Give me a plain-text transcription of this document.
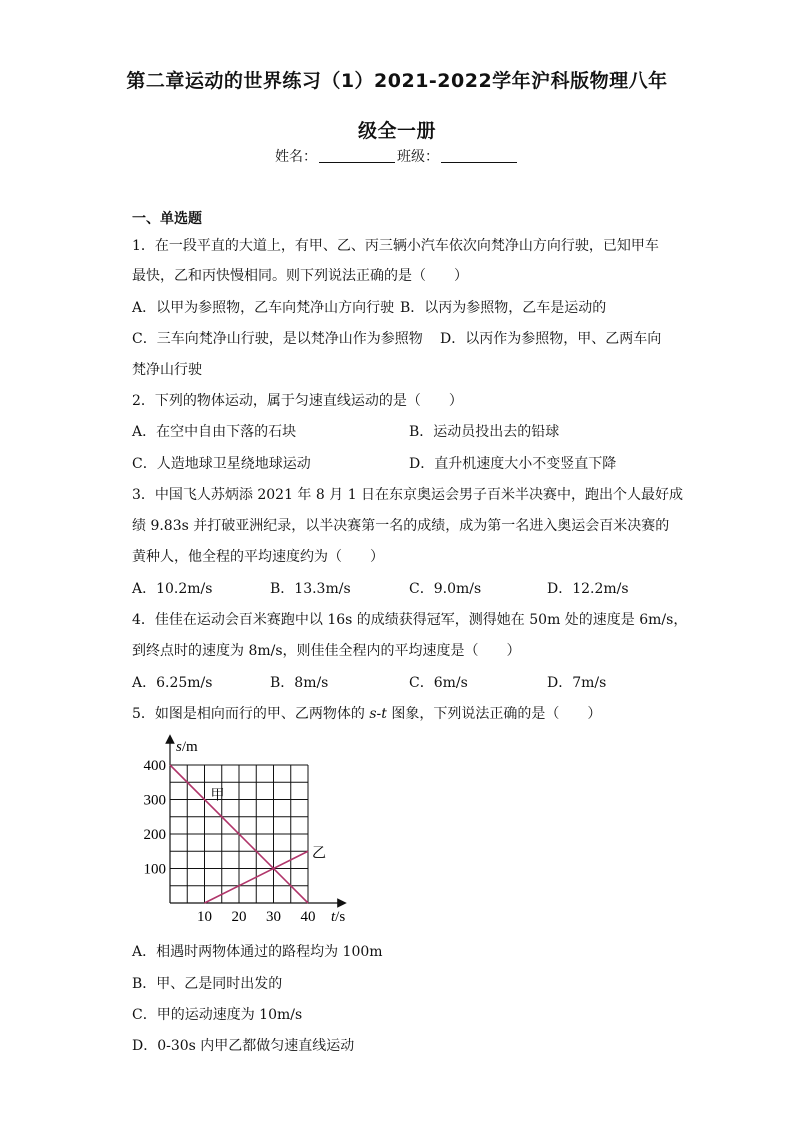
第二章运动的世界练习（1）2021-2022学年沪科版物理八年
级全一册
姓名：	班级：
一、单选题
1．在一段平直的大道上，有甲、乙、丙三辆小汽车依次向梵净山方向行驶，已知甲车
最快，乙和丙快慢相同。则下列说法正确的是（　　）
A．以甲为参照物，乙车向梵净山方向行驶 B．以丙为参照物，乙车是运动的
C．三车向梵净山行驶，是以梵净山作为参照物 D．以丙作为参照物，甲、乙两车向
梵净山行驶
2．下列的物体运动，属于匀速直线运动的是（　　）
A．在空中自由下落的石块	B．运动员投出去的铅球
C．人造地球卫星绕地球运动	D．直升机速度大小不变竖直下降
3．中国飞人苏炳添 2021 年 8 月 1 日在东京奥运会男子百米半决赛中，跑出个人最好成
绩 9.83s 并打破亚洲纪录，以半决赛第一名的成绩，成为第一名进入奥运会百米决赛的
黄种人，他全程的平均速度约为（　　）
A．10.2m/s	B．13.3m/s	C．9.0m/s	D．12.2m/s
4．佳佳在运动会百米赛跑中以 16s 的成绩获得冠军，测得她在 50m 处的速度是 6m/s，
到终点时的速度为 8m/s，则佳佳全程内的平均速度是（　　）
A．6.25m/s	B．8m/s	C．6m/s	D．7m/s
5．如图是相向而行的甲、乙两物体的 s-t 图象，下列说法正确的是（　　）
s/m
t/s
400
300
200
100
10 20 30 40
甲
乙
A．相遇时两物体通过的路程均为 100m
B．甲、乙是同时出发的
C．甲的运动速度为 10m/s
D．0-30s 内甲乙都做匀速直线运动
